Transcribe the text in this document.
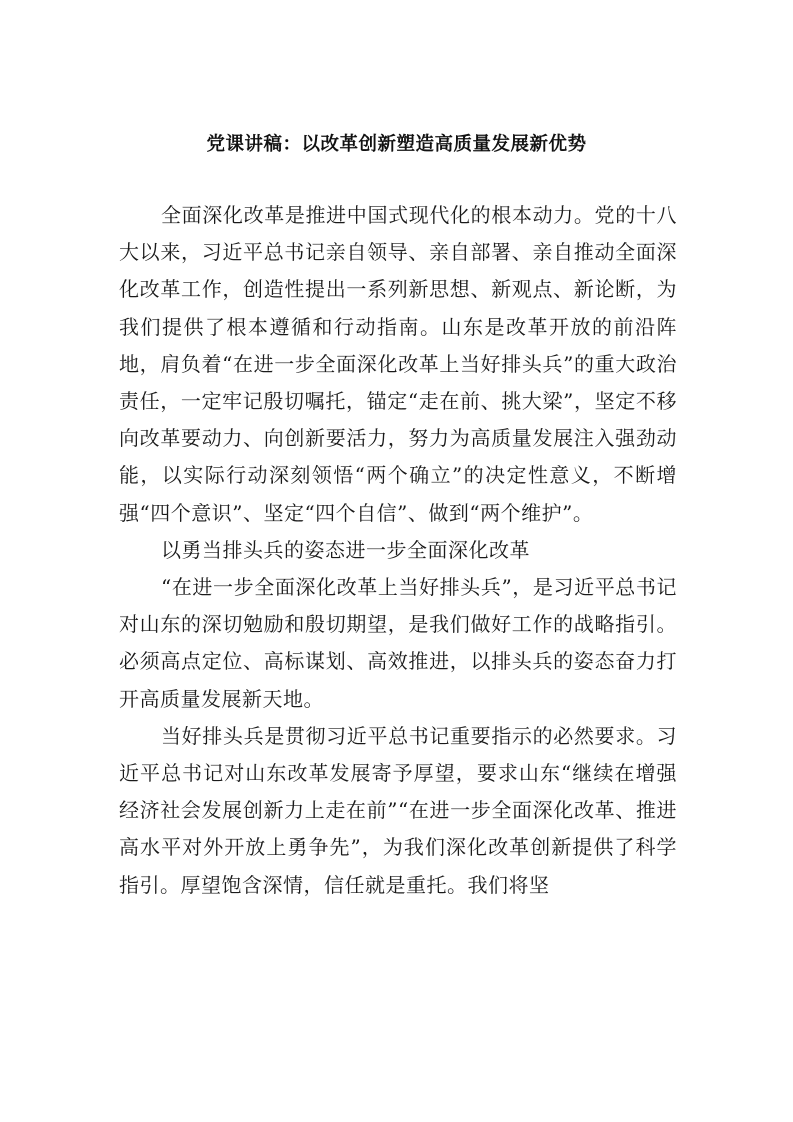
党课讲稿：以改革创新塑造高质量发展新优势

全面深化改革是推进中国式现代化的根本动力。党的十八大以来，习近平总书记亲自领导、亲自部署、亲自推动全面深化改革工作，创造性提出一系列新思想、新观点、新论断，为我们提供了根本遵循和行动指南。山东是改革开放的前沿阵地，肩负着“在进一步全面深化改革上当好排头兵”的重大政治责任，一定牢记殷切嘱托，锚定“走在前、挑大梁”，坚定不移向改革要动力、向创新要活力，努力为高质量发展注入强劲动能，以实际行动深刻领悟“两个确立”的决定性意义，不断增强“四个意识”、坚定“四个自信”、做到“两个维护”。

以勇当排头兵的姿态进一步全面深化改革

“在进一步全面深化改革上当好排头兵”，是习近平总书记对山东的深切勉励和殷切期望，是我们做好工作的战略指引。必须高点定位、高标谋划、高效推进，以排头兵的姿态奋力打开高质量发展新天地。

当好排头兵是贯彻习近平总书记重要指示的必然要求。习近平总书记对山东改革发展寄予厚望，要求山东“继续在增强经济社会发展创新力上走在前”“在进一步全面深化改革、推进高水平对外开放上勇争先”，为我们深化改革创新提供了科学指引。厚望饱含深情，信任就是重托。我们将坚
